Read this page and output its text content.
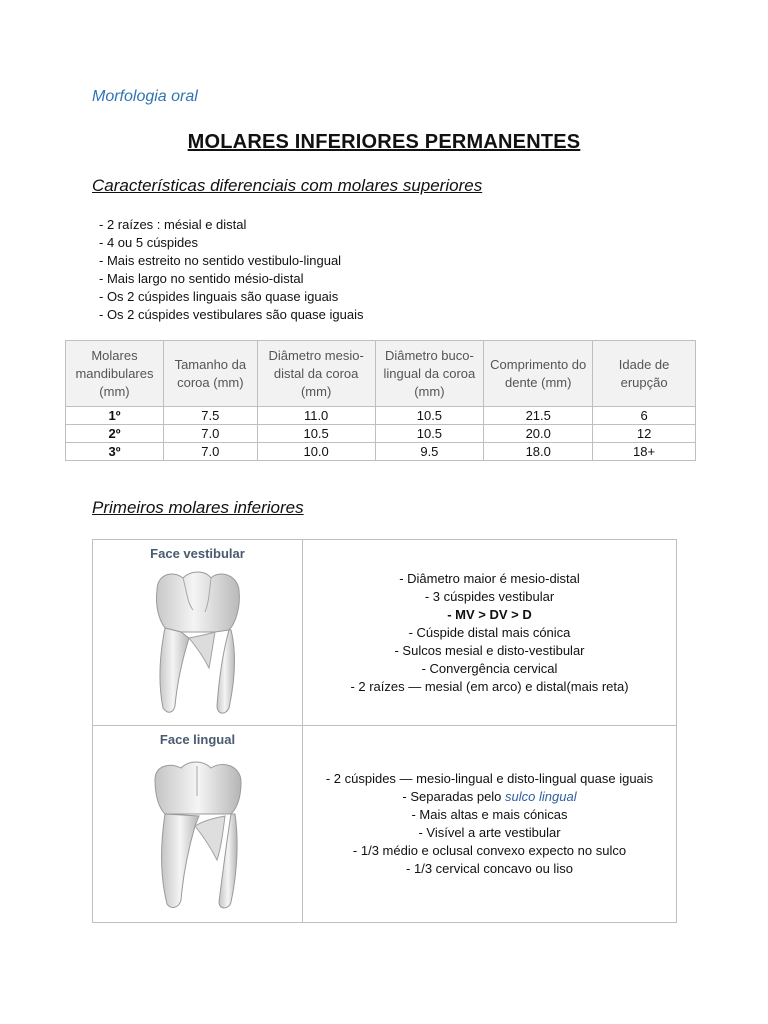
Morfologia oral
MOLARES INFERIORES PERMANENTES
Características diferenciais com molares superiores
- 2 raízes : mésial e distal
- 4 ou 5 cúspides
- Mais estreito no sentido vestibulo-lingual
- Mais largo no sentido mésio-distal
- Os 2 cúspides linguais são quase iguais
- Os 2 cúspides vestibulares são quase iguais
Molares mandibulares (mm)	Tamanho da coroa (mm)	Diâmetro mesio-distal da coroa (mm)	Diâmetro buco-lingual da coroa (mm)	Comprimento do dente (mm)	Idade de erupção
1º	7.5	11.0	10.5	21.5	6
2º	7.0	10.5	10.5	20.0	12
3º	7.0	10.0	9.5	18.0	18+
Primeiros molares inferiores
Face vestibular
- Diâmetro maior é mesio-distal
- 3 cúspides vestibular
- MV > DV > D
- Cúspide distal mais cónica
- Sulcos mesial e disto-vestibular
- Convergência cervical
- 2 raízes — mesial (em arco) e distal(mais reta)
Face lingual
- 2 cúspides — mesio-lingual e disto-lingual quase iguais
- Separadas pelo sulco lingual
- Mais altas e mais cónicas
- Visível a arte vestibular
- 1/3 médio e oclusal convexo expecto no sulco
- 1/3 cervical concavo ou liso
